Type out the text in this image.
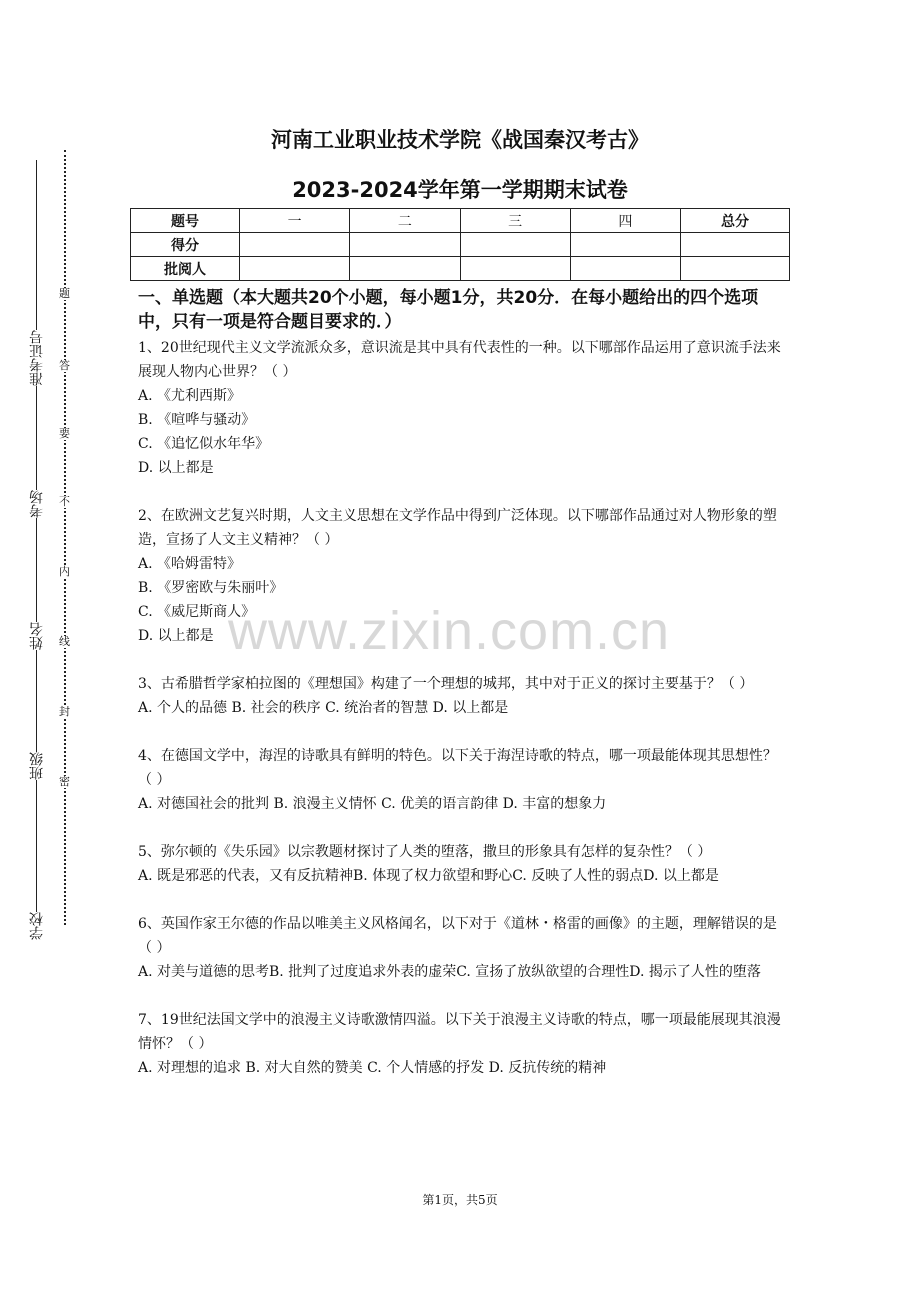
www.zixin.com.cn
准考证号
考场
姓名
班级
学校
题
答
要
不
内
线
封
密
河南工业职业技术学院《战国秦汉考古》
2023-2024学年第一学期期末试卷
题号	一	二	三	四	总分
得分					
批阅人					

一、单选题（本大题共20个小题，每小题1分，共20分．在每小题给出的四个选项中，只有一项是符合题目要求的．）

1、20世纪现代主义文学流派众多，意识流是其中具有代表性的一种。以下哪部作品运用了意识流手法来展现人物内心世界？（ ）

A. 《尤利西斯》

B. 《喧哗与骚动》

C. 《追忆似水年华》

D. 以上都是

2、在欧洲文艺复兴时期，人文主义思想在文学作品中得到广泛体现。以下哪部作品通过对人物形象的塑造，宣扬了人文主义精神？（ ）

A. 《哈姆雷特》

B. 《罗密欧与朱丽叶》

C. 《威尼斯商人》

D. 以上都是

3、古希腊哲学家柏拉图的《理想国》构建了一个理想的城邦，其中对于正义的探讨主要基于？（ ）

A. 个人的品德 B. 社会的秩序 C. 统治者的智慧 D. 以上都是

4、在德国文学中，海涅的诗歌具有鲜明的特色。以下关于海涅诗歌的特点，哪一项最能体现其思想性？（ ）

A. 对德国社会的批判 B. 浪漫主义情怀 C. 优美的语言韵律 D. 丰富的想象力

5、弥尔顿的《失乐园》以宗教题材探讨了人类的堕落，撒旦的形象具有怎样的复杂性？（ ）

A. 既是邪恶的代表，又有反抗精神B. 体现了权力欲望和野心C. 反映了人性的弱点D. 以上都是

6、英国作家王尔德的作品以唯美主义风格闻名，以下对于《道林・格雷的画像》的主题，理解错误的是（ ）

A. 对美与道德的思考B. 批判了过度追求外表的虚荣C. 宣扬了放纵欲望的合理性D. 揭示了人性的堕落

7、19世纪法国文学中的浪漫主义诗歌激情四溢。以下关于浪漫主义诗歌的特点，哪一项最能展现其浪漫情怀？（ ）

A. 对理想的追求 B. 对大自然的赞美 C. 个人情感的抒发 D. 反抗传统的精神

第1页，共5页
